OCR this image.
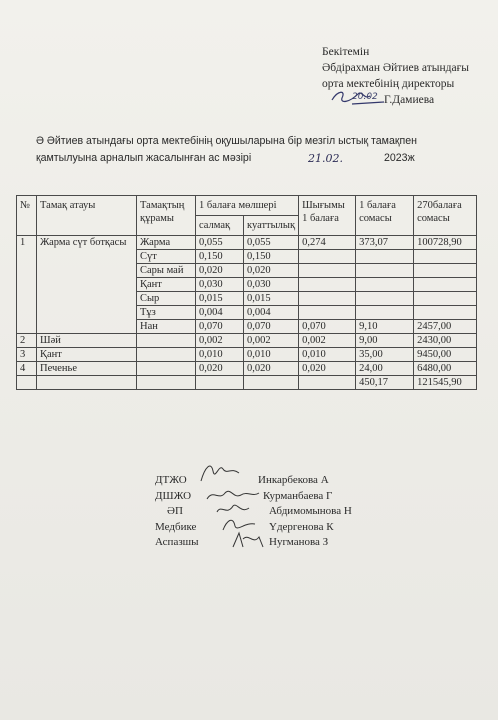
Бекітемін
Әбдірахман Әйтиев атындағы
орта мектебінің директоры
20.02 Г.Дамиева
Ә Әйтиев атындағы орта мектебінің оқушыларына бір мезгіл ыстық тамақпен
қамтылуына арналып жасалынған ас мәзірі	21.02.	2023ж
№	Тамақ атауы	Тамақтың құрамы	1 балаға мөлшері		Шығымы 1 балаға	1 балаға сомасы	270балаға сомасы
			салмақ	куаттылық			
1	Жарма сүт ботқасы	Жарма	0,055	0,055	0,274	373,07	100728,90
		Сүт	0,150	0,150			
		Сары май	0,020	0,020			
		Қант	0,030	0,030			
		Сыр	0,015	0,015			
		Тұз	0,004	0,004			
		Нан	0,070	0,070	0,070	9,10	2457,00
2	Шәй		0,002	0,002	0,002	9,00	2430,00
3	Қант		0,010	0,010	0,010	35,00	9450,00
4	Печенье		0,020	0,020	0,020	24,00	6480,00
						450,17	121545,90
ДТЖО	Инкарбекова А
ДШЖО	Курманбаева Г
ӘП	Абдимомынова Н
Медбике	Үдергенова К
Аспазшы	Нугманова З
